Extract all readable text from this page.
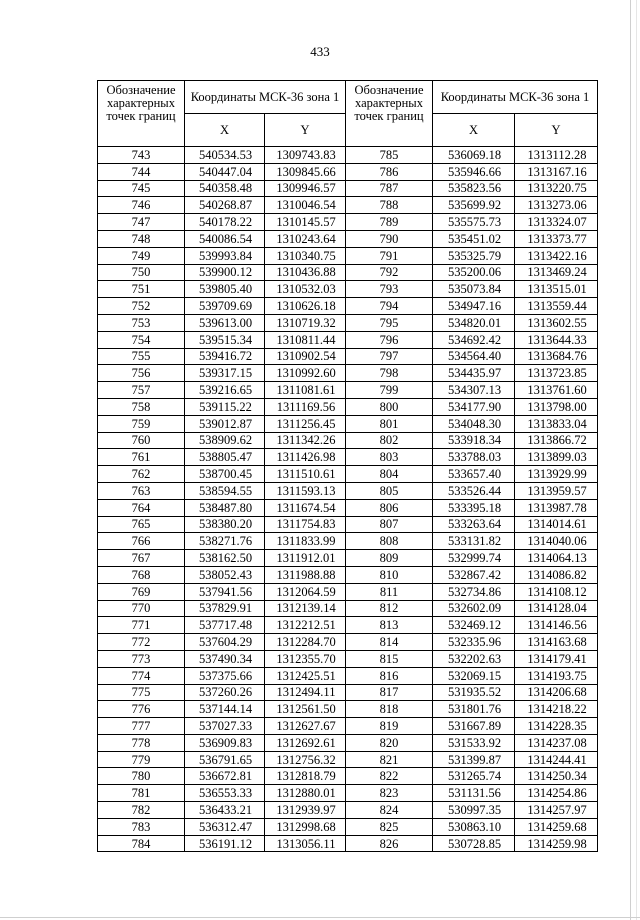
433
Обозначение характерных точек границ	Координаты МСК-36 зона 1		Обозначение характерных точек границ	Координаты МСК-36 зона 1	
	X	Y		X	Y
743	540534.53	1309743.83	785	536069.18	1313112.28
744	540447.04	1309845.66	786	535946.66	1313167.16
745	540358.48	1309946.57	787	535823.56	1313220.75
746	540268.87	1310046.54	788	535699.92	1313273.06
747	540178.22	1310145.57	789	535575.73	1313324.07
748	540086.54	1310243.64	790	535451.02	1313373.77
749	539993.84	1310340.75	791	535325.79	1313422.16
750	539900.12	1310436.88	792	535200.06	1313469.24
751	539805.40	1310532.03	793	535073.84	1313515.01
752	539709.69	1310626.18	794	534947.16	1313559.44
753	539613.00	1310719.32	795	534820.01	1313602.55
754	539515.34	1310811.44	796	534692.42	1313644.33
755	539416.72	1310902.54	797	534564.40	1313684.76
756	539317.15	1310992.60	798	534435.97	1313723.85
757	539216.65	1311081.61	799	534307.13	1313761.60
758	539115.22	1311169.56	800	534177.90	1313798.00
759	539012.87	1311256.45	801	534048.30	1313833.04
760	538909.62	1311342.26	802	533918.34	1313866.72
761	538805.47	1311426.98	803	533788.03	1313899.03
762	538700.45	1311510.61	804	533657.40	1313929.99
763	538594.55	1311593.13	805	533526.44	1313959.57
764	538487.80	1311674.54	806	533395.18	1313987.78
765	538380.20	1311754.83	807	533263.64	1314014.61
766	538271.76	1311833.99	808	533131.82	1314040.06
767	538162.50	1311912.01	809	532999.74	1314064.13
768	538052.43	1311988.88	810	532867.42	1314086.82
769	537941.56	1312064.59	811	532734.86	1314108.12
770	537829.91	1312139.14	812	532602.09	1314128.04
771	537717.48	1312212.51	813	532469.12	1314146.56
772	537604.29	1312284.70	814	532335.96	1314163.68
773	537490.34	1312355.70	815	532202.63	1314179.41
774	537375.66	1312425.51	816	532069.15	1314193.75
775	537260.26	1312494.11	817	531935.52	1314206.68
776	537144.14	1312561.50	818	531801.76	1314218.22
777	537027.33	1312627.67	819	531667.89	1314228.35
778	536909.83	1312692.61	820	531533.92	1314237.08
779	536791.65	1312756.32	821	531399.87	1314244.41
780	536672.81	1312818.79	822	531265.74	1314250.34
781	536553.33	1312880.01	823	531131.56	1314254.86
782	536433.21	1312939.97	824	530997.35	1314257.97
783	536312.47	1312998.68	825	530863.10	1314259.68
784	536191.12	1313056.11	826	530728.85	1314259.98
